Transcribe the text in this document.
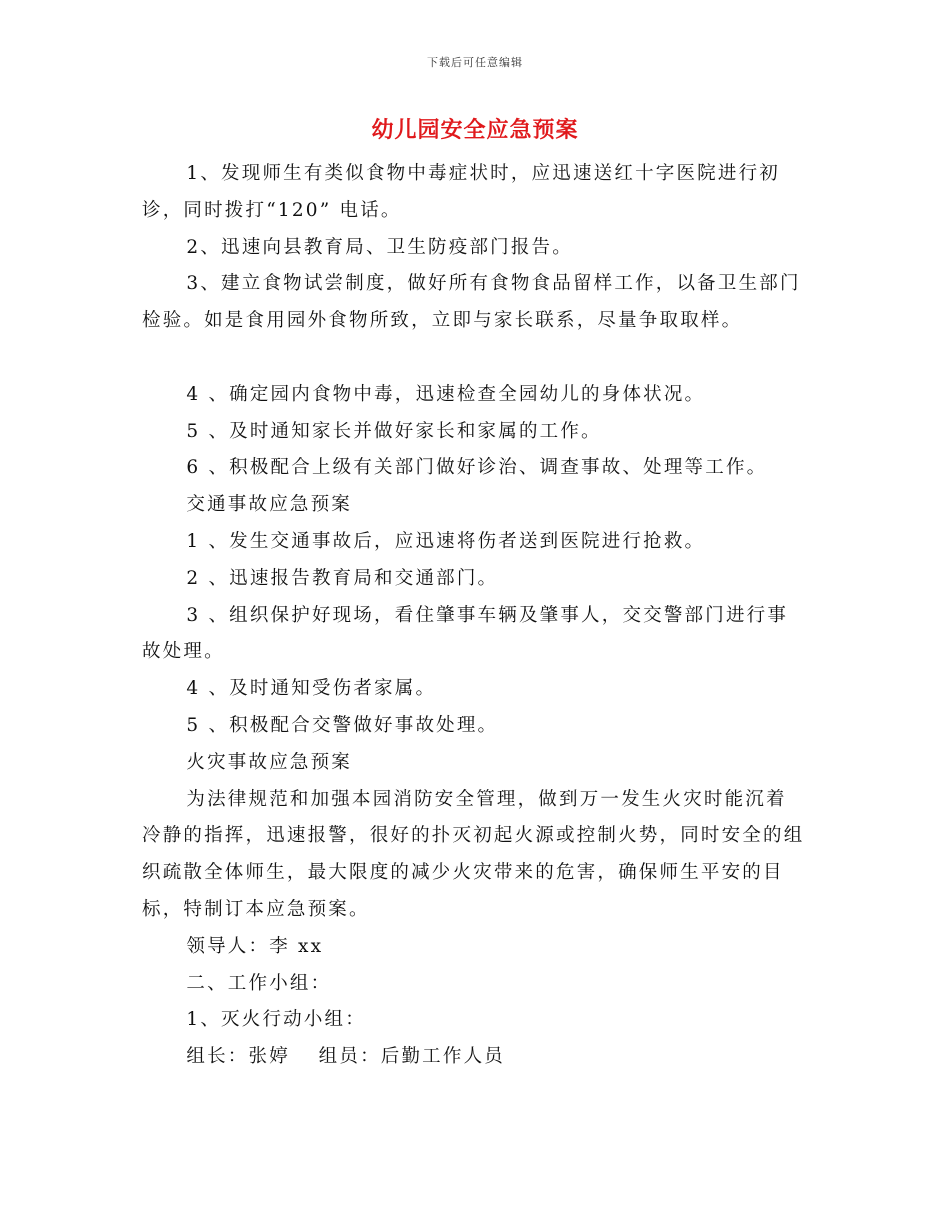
下载后可任意编辑
幼儿园安全应急预案

1、发现师生有类似食物中毒症状时，应迅速送红十字医院进行初诊，同时拨打“120” 电话。

2、迅速向县教育局、卫生防疫部门报告。

3、建立食物试尝制度，做好所有食物食品留样工作，以备卫生部门检验。如是食用园外食物所致，立即与家长联系，尽量争取取样。

4 、确定园内食物中毒，迅速检查全园幼儿的身体状况。

5 、及时通知家长并做好家长和家属的工作。

6 、积极配合上级有关部门做好诊治、调查事故、处理等工作。

交通事故应急预案

1 、发生交通事故后，应迅速将伤者送到医院进行抢救。

2 、迅速报告教育局和交通部门。

3 、组织保护好现场，看住肇事车辆及肇事人，交交警部门进行事故处理。

4 、及时通知受伤者家属。

5 、积极配合交警做好事故处理。

火灾事故应急预案

为法律规范和加强本园消防安全管理，做到万一发生火灾时能沉着冷静的指挥，迅速报警，很好的扑灭初起火源或控制火势，同时安全的组织疏散全体师生，最大限度的减少火灾带来的危害，确保师生平安的目标，特制订本应急预案。

领导人：李 xx

二、工作小组：

1、灭火行动小组：

组长：张婷　 组员：后勤工作人员
